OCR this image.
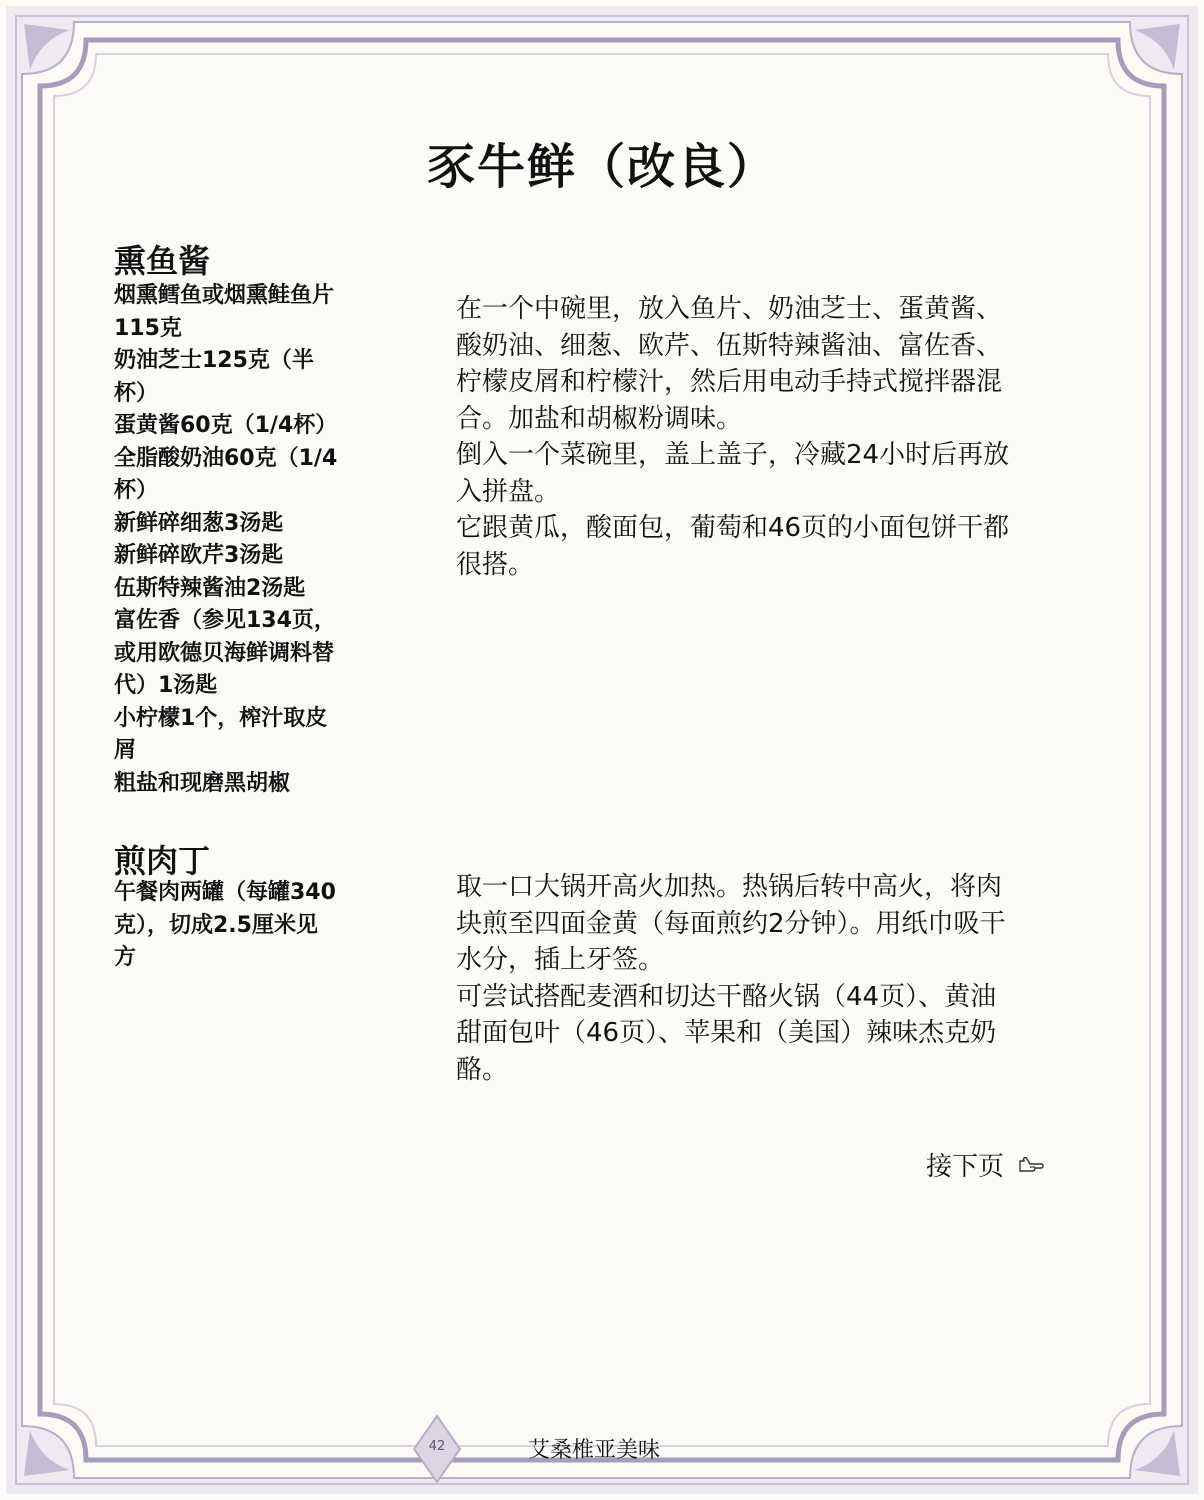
豕牛鲜（改良）
熏鱼酱
烟熏鳕鱼或烟熏鲑鱼片
115克
奶油芝士125克（半
杯）
蛋黄酱60克（1/4杯）
全脂酸奶油60克（1/4
杯）
新鲜碎细葱3汤匙
新鲜碎欧芹3汤匙
伍斯特辣酱油2汤匙
富佐香（参见134页，
或用欧德贝海鲜调料替
代）1汤匙
小柠檬1个，榨汁取皮
屑
粗盐和现磨黑胡椒

在一个中碗里，放入鱼片、奶油芝士、蛋黄酱、

酸奶油、细葱、欧芹、伍斯特辣酱油、富佐香、

柠檬皮屑和柠檬汁，然后用电动手持式搅拌器混

合。加盐和胡椒粉调味。

倒入一个菜碗里，盖上盖子，冷藏24小时后再放

入拼盘。

它跟黄瓜，酸面包，葡萄和46页的小面包饼干都

很搭。

煎肉丁
午餐肉两罐（每罐340
克），切成2.5厘米见
方

取一口大锅开高火加热。热锅后转中高火，将肉

块煎至四面金黄（每面煎约2分钟）。用纸巾吸干

水分，插上牙签。

可尝试搭配麦酒和切达干酪火锅（44页）、黄油

甜面包叶（46页）、苹果和（美国）辣味杰克奶

酪。

接下页
42	艾桑椎亚美味
